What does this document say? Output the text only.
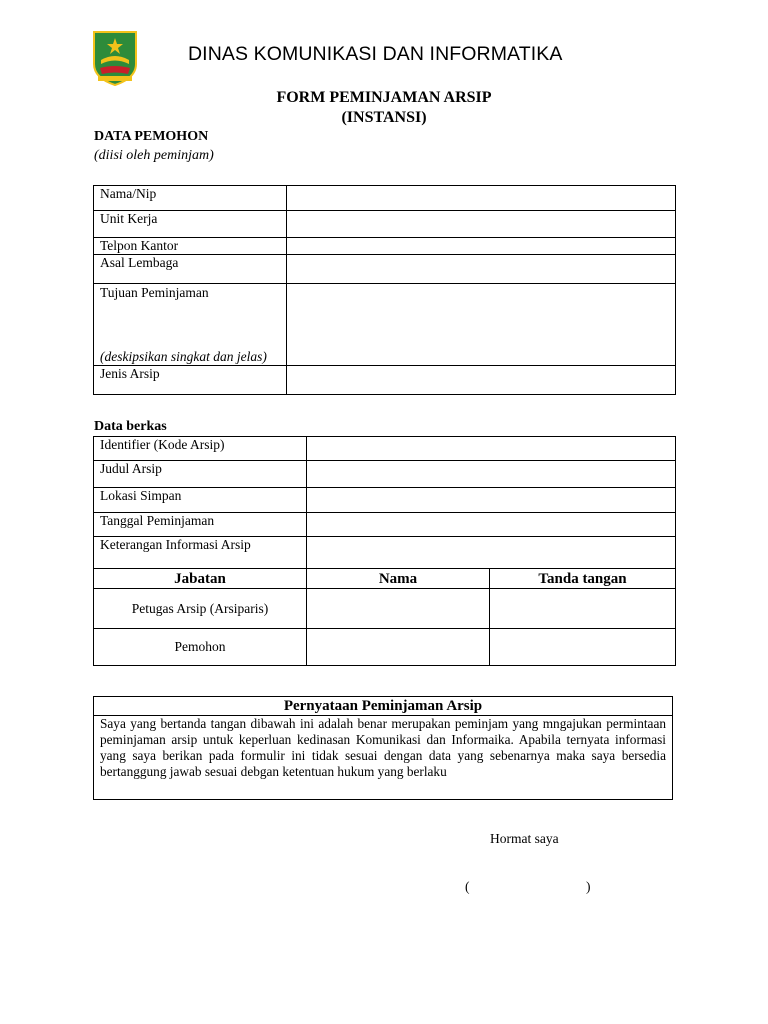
DINAS KOMUNIKASI DAN INFORMATIKA
FORM PEMINJAMAN ARSIP
(INSTANSI)
DATA PEMOHON
(diisi oleh peminjam)
Nama/Nip	
Unit Kerja	
Telpon Kantor	
Asal Lembaga	

Tujuan Peminjaman
(deskipsikan singkat dan jelas)	

Jenis Arsip	
Data berkas
Identifier (Kode Arsip)		
Judul Arsip		
Lokasi Simpan		
Tanggal Peminjaman		
Keterangan Informasi Arsip		
Jabatan	Nama	Tanda tangan
Petugas Arsip (Arsiparis)		
Pemohon		
Pernyataan Peminjaman Arsip
Saya yang bertanda tangan dibawah ini adalah benar merupakan peminjam yang mngajukan permintaan peminjaman arsip untuk keperluan kedinasan Komunikasi dan Informaika. Apabila ternyata informasi yang saya berikan pada formulir ini tidak sesuai dengan data yang sebenarnya maka saya bersedia bertanggung jawab sesuai debgan ketentuan hukum yang berlaku
Hormat saya
(	)
